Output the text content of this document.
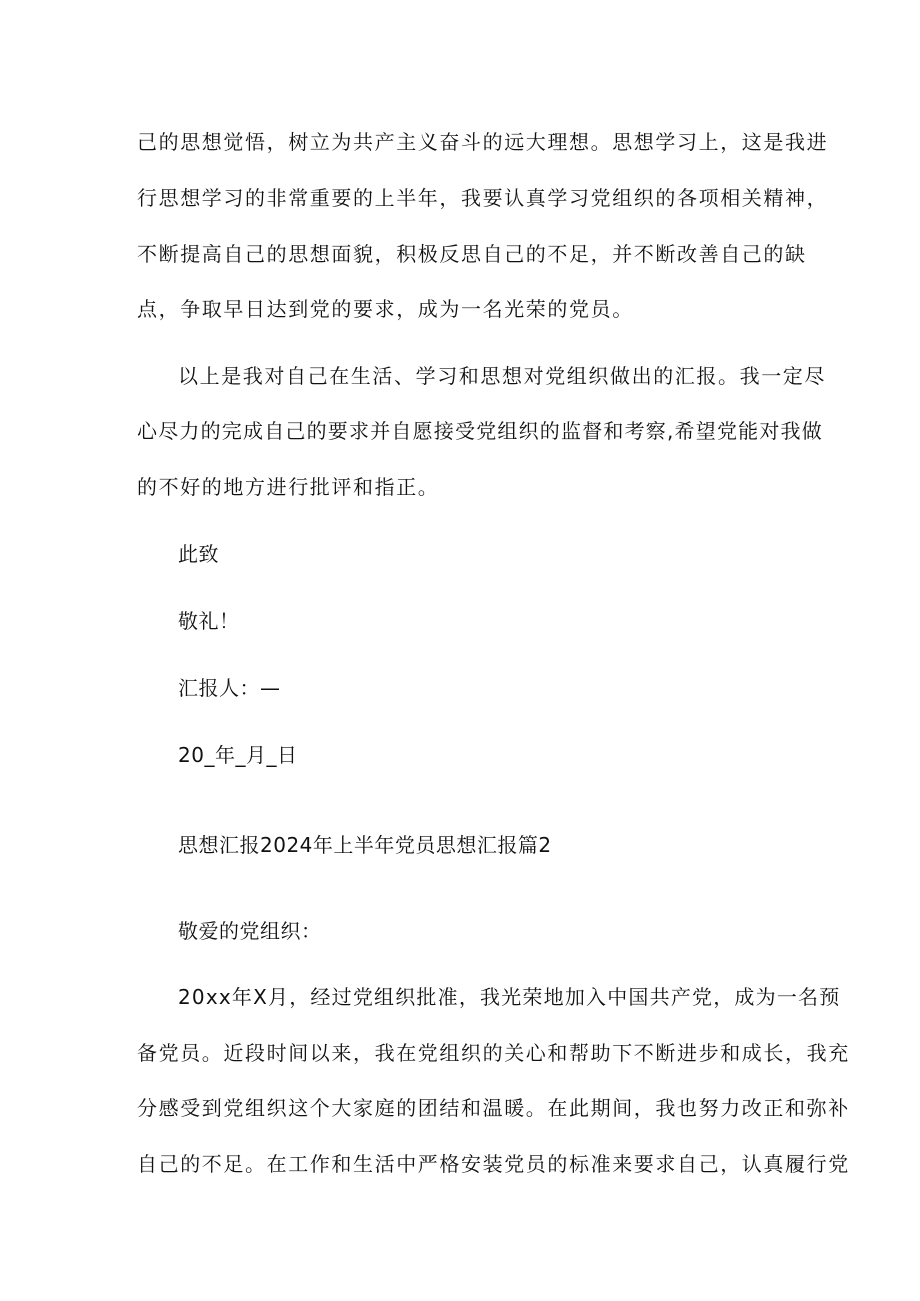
己的思想觉悟，树立为共产主义奋斗的远大理想。思想学习上，这是我进
行思想学习的非常重要的上半年，我要认真学习党组织的各项相关精神，
不断提高自己的思想面貌，积极反思自己的不足，并不断改善自己的缺
点，争取早日达到党的要求，成为一名光荣的党员。
以上是我对自己在生活、学习和思想对党组织做出的汇报。我一定尽
心尽力的完成自己的要求并自愿接受党组织的监督和考察,希望党能对我做
的不好的地方进行批评和指正。
此致
敬礼！
汇报人：—
20_年_月_日
思想汇报2024年上半年党员思想汇报篇2
敬爱的党组织：
20xx年X月，经过党组织批准，我光荣地加入中国共产党，成为一名预
备党员。近段时间以来，我在党组织的关心和帮助下不断进步和成长，我充
分感受到党组织这个大家庭的团结和温暖。在此期间，我也努力改正和弥补
自己的不足。在工作和生活中严格安装党员的标准来要求自己，认真履行党
